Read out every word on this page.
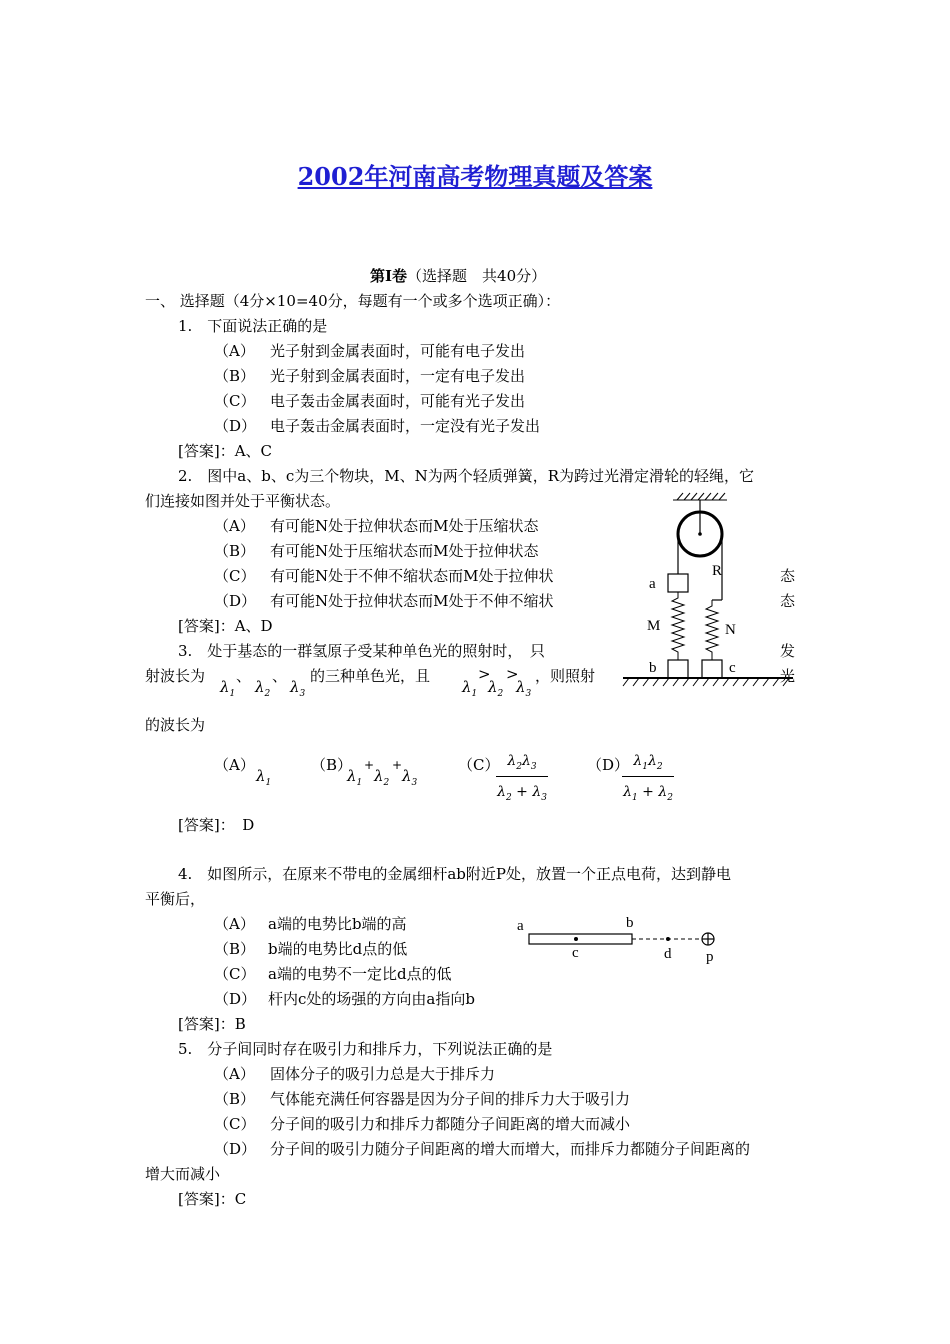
2002年河南高考物理真题及答案
第Ⅰ卷（选择题　共40分）
一、 选择题（4分×10=40分，每题有一个或多个选项正确）：
1.　下面说法正确的是
（A） 光子射到金属表面时，可能有电子发出
（B） 光子射到金属表面时，一定有电子发出
（C） 电子轰击金属表面时，可能有光子发出
（D） 电子轰击金属表面时，一定没有光子发出
[答案]：A、C
2.　图中a、b、c为三个物块，M、N为两个轻质弹簧，R为跨过光滑定滑轮的轻绳，它
们连接如图并处于平衡状态。
（A） 有可能N处于拉伸状态而M处于压缩状态
（B） 有可能N处于压缩状态而M处于拉伸状态
（C） 有可能N处于不伸不缩状态而M处于拉伸状	态
（D） 有可能N处于拉伸状态而M处于不伸不缩状	态
[答案]：A、D
a
R
M	N
b	c
3.　处于基态的一群氢原子受某种单色光的照射时，　只	发
射波长为
$\lambda_1$
、
$\lambda_2$
、
$\lambda_3$
的三种单色光，且
$\lambda_1$
>
$\lambda_2$
>
$\lambda_3$
，则照射	光
的波长为
（A）
$\lambda_1$
（B）
$\lambda_1$
+
$\lambda_2$
+
$\lambda_3$
（C）
$\frac{\lambda_2\lambda_3}{\lambda_2 + \lambda_3}$	（D）
$\frac{\lambda_1\lambda_2}{\lambda_1 + \lambda_2}$
[答案]：　D
4.　如图所示，在原来不带电的金属细杆ab附近P处，放置一个正点电荷，达到静电
平衡后，
（A） a端的电势比b端的高
（B） b端的电势比d点的低
（C） a端的电势不一定比d点的低
（D） 杆内c处的场强的方向由a指向b
[答案]：B
a	b
c	d p
5.　分子间同时存在吸引力和排斥力，下列说法正确的是
（A） 固体分子的吸引力总是大于排斥力
（B） 气体能充满任何容器是因为分子间的排斥力大于吸引力
（C） 分子间的吸引力和排斥力都随分子间距离的增大而减小
（D） 分子间的吸引力随分子间距离的增大而增大，而排斥力都随分子间距离的
增大而减小
[答案]：C
